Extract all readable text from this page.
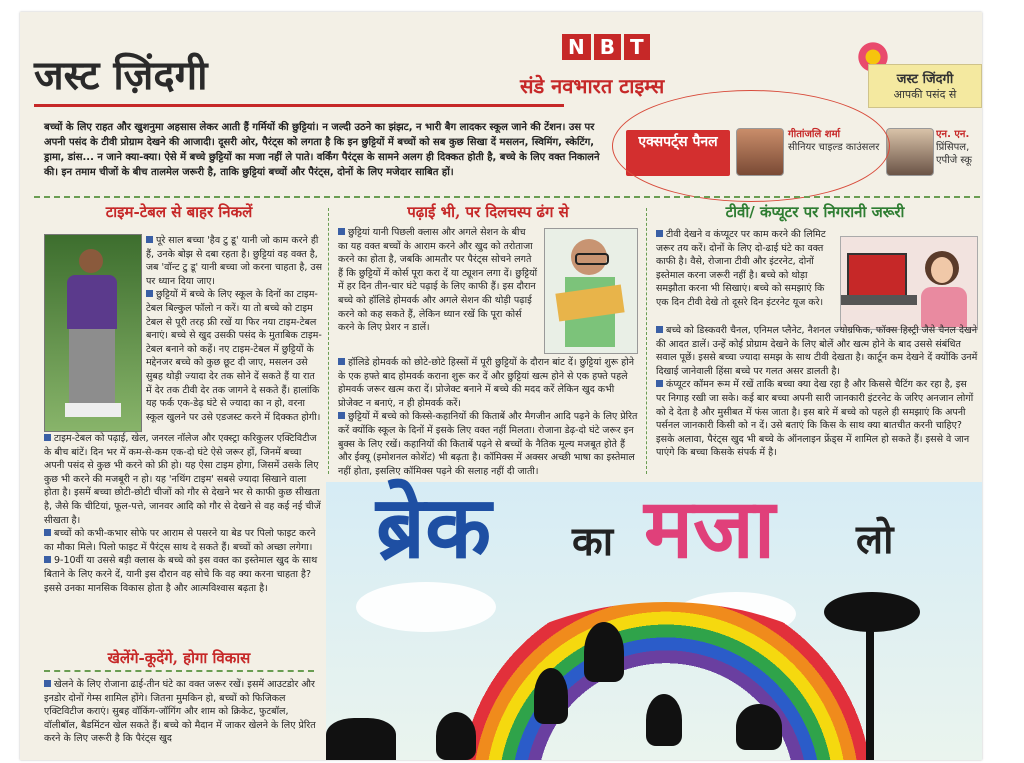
जस्ट ज़िंदगी
N B T
संडे नवभारत टाइम्स	जस्ट जिंदगी
आपकी पसंद से
बच्चों के लिए राहत और खुशनुमा अहसास लेकर आती हैं गर्मियों की छुट्टियां। न जल्दी उठने का झंझट, न भारी बैग लादकर स्कूल जाने की टेंशन। उस पर अपनी पसंद के टीवी प्रोग्राम देखने की आजादी। दूसरी ओर, पैरंट्स को लगता है कि इन छुट्टियों में बच्चों को सब कुछ सिखा दें मसलन, स्विमिंग, स्केटिंग, ड्रामा, डांस... न जाने क्या-क्या। ऐसे में बच्चे छुट्टियों का मजा नहीं ले पाते। वर्किंग पैरंट्स के सामने अलग ही दिक्कत होती है, बच्चे के लिए वक्त निकालने की। इन तमाम चीजों के बीच तालमेल जरूरी है, ताकि छुट्टियां बच्चों और पैरंट्स, दोनों के लिए मजेदार साबित हों।
एक्सपर्ट्स पैनल	गीतांजलि शर्मा
सीनियर चाइल्ड काउंसलर
एन. एन.
प्रिंसिपल, एपीजे स्कू
टाइम-टेबल से बाहर निकलें
पूरे साल बच्चा 'हैव टु डू' यानी जो काम करने ही हैं, उनके बोझ से दबा रहता है। छुट्टियां वह वक्त है, जब 'वॉन्ट टु डू' यानी बच्चा जो करना चाहता है, उस पर ध्यान दिया जाए।
छुट्टियों में बच्चे के लिए स्कूल के दिनों का टाइम-टेबल बिल्कुल फॉलो न करें। या तो बच्चे को टाइम टेबल से पूरी तरह फ्री रखें या फिर नया टाइम-टेबल बनाएं। बच्चे से खुद उसकी पसंद के मुताबिक टाइम-टेबल बनाने को कहें। नए टाइम-टेबल में छुट्टियों के मद्देनजर बच्चे को कुछ छूट दी जाए, मसलन उसे सुबह थोड़ी ज्यादा देर तक सोने दें सकते हैं या रात में देर तक टीवी देर तक जागने दे सकते हैं। हालांकि यह फर्क एक-डेढ़ घंटे से ज्यादा का न हो, वरना स्कूल खुलने पर उसे एडजस्ट करने में दिक्कत होगी।
टाइम-टेबल को पढ़ाई, खेल, जनरल नॉलेज और एक्स्ट्रा करिकुलर एक्टिविटीज के बीच बांटें। दिन भर में कम-से-कम एक-दो घंटे ऐसे जरूर हों, जिनमें बच्चा अपनी पसंद से कुछ भी करने को फ्री हो। यह ऐसा टाइम होगा, जिसमें उसके लिए कुछ भी करने की मजबूरी न हो। यह 'नथिंग टाइम' सबसे ज्यादा सिखाने वाला होता है। इसमें बच्चा छोटी-छोटी चीजों को गौर से देखने भर से काफी कुछ सीखता है, जैसे कि चीटियां, फूल-पत्ते, जानवर आदि को गौर से देखने से वह कई नई चीजें सीखता है।
बच्चों को कभी-कभार सोफे पर आराम से पसरने या बेड पर पिलो फाइट करने का मौका मिले। पिलो फाइट में पैरंट्स साथ दे सकते हैं। बच्चों को अच्छा लगेगा।
9-10वीं या उससे बड़ी क्लास के बच्चे को इस वक्त का इस्तेमाल खुद के साथ बिताने के लिए करने दें, यानी इस दौरान वह सोचे कि वह क्या करना चाहता है? इससे उनका मानसिक विकास होता है और आत्मविश्वास बढ़ता है।
खेलेंगे-कूदेंगे, होगा विकास
खेलने के लिए रोजाना ढाई-तीन घंटे का वक्त जरूर रखें। इसमें आउटडोर और इनडोर दोनों गेम्स शामिल होंगे। जितना मुमकिन हो, बच्चों को फिजिकल एक्टिविटीज कराएं। सुबह वॉकिंग-जॉगिंग और शाम को क्रिकेट, फुटबॉल, वॉलीबॉल, बैडमिंटन खेल सकते हैं। बच्चे को मैदान में जाकर खेलने के लिए प्रेरित करने के लिए जरूरी है कि पैरंट्स खुद
पढ़ाई भी, पर दिलचस्प ढंग से
छुट्टियां यानी पिछली क्लास और अगले सेशन के बीच का यह वक्त बच्चों के आराम करने और खुद को तरोताजा करने का होता है, जबकि आमतौर पर पैरंट्स सोचने लगते हैं कि छुट्टियों में कोर्स पूरा करा दें या ट्यूशन लगा दें। छुट्टियों में हर दिन तीन-चार घंटे पढ़ाई के लिए काफी हैं। इस दौरान बच्चे को हॉलिडे होमवर्क और अगले सेशन की थोड़ी पढ़ाई करने को कह सकते हैं, लेकिन ध्यान रखें कि पूरा कोर्स करने के लिए प्रेशर न डालें।
हॉलिडे होमवर्क को छोटे-छोटे हिस्सों में पूरी छुट्टियों के दौरान बांट दें। छुट्टियां शुरू होने के एक हफ्ते बाद होमवर्क कराना शुरू कर दें और छुट्टियां खत्म होने से एक हफ्ते पहले होमवर्क जरूर खत्म करा दें। प्रोजेक्ट बनाने में बच्चे की मदद करें लेकिन खुद कभी प्रोजेक्ट न बनाएं, न ही होमवर्क करें।
छुट्टियों में बच्चे को किस्से-कहानियों की किताबें और मैगजीन आदि पढ़ने के लिए प्रेरित करें क्योंकि स्कूल के दिनों में इसके लिए वक्त नहीं मिलता। रोजाना डेढ़-दो घंटे जरूर इन बुक्स के लिए रखें। कहानियों की किताबें पढ़ने से बच्चों के नैतिक मूल्य मजबूत होते हैं और ईक्यू (इमोशनल कोशेंट) भी बढ़ता है। कॉमिक्स में अक्सर अच्छी भाषा का इस्तेमाल नहीं होता, इसलिए कॉमिक्स पढ़ने की सलाह नहीं दी जाती।
टीवी/ कंप्यूटर पर निगरानी जरूरी
टीवी देखने व कंप्यूटर पर काम करने की लिमिट जरूर तय करें। दोनों के लिए दो-ढाई घंटे का वक्त काफी है। वैसे, रोजाना टीवी और इंटरनेट, दोनों इस्तेमाल करना जरूरी नहीं है। बच्चे को थोड़ा समझौता करना भी सिखाएं। बच्चे को समझाएं कि एक दिन टीवी देखे तो दूसरे दिन इंटरनेट यूज करे।
बच्चे को डिस्कवरी चैनल, एनिमल प्लैनेट, नैशनल ज्योग्रफिक, फॉक्स हिस्ट्री जैसे चैनल देखने की आदत डालें। उन्हें कोई प्रोग्राम देखने के लिए बोलें और खत्म होने के बाद उससे संबंधित सवाल पूछें। इससे बच्चा ज्यादा समझ के साथ टीवी देखता है। कार्टून कम देखने दें क्योंकि उनमें दिखाई जानेवाली हिंसा बच्चे पर गलत असर डालती है।
कंप्यूटर कॉमन रूम में रखें ताकि बच्चा क्या देख रहा है और किससे चैटिंग कर रहा है, इस पर निगाह रखी जा सके। कई बार बच्चा अपनी सारी जानकारी इंटरनेट के जरिए अनजान लोगों को दे देता है और मुसीबत में फंस जाता है। इस बारे में बच्चे को पहले ही समझाएं कि अपनी पर्सनल जानकारी किसी को न दें। उसे बताएं कि किस के साथ क्या बातचीत करनी चाहिए? इसके अलावा, पैरंट्स खुद भी बच्चे के ऑनलाइन फ्रेंड्स में शामिल हो सकते हैं। इससे वे जान पाएंगे कि बच्चा किसके संपर्क में है।
ब्रेक का मजा लो
